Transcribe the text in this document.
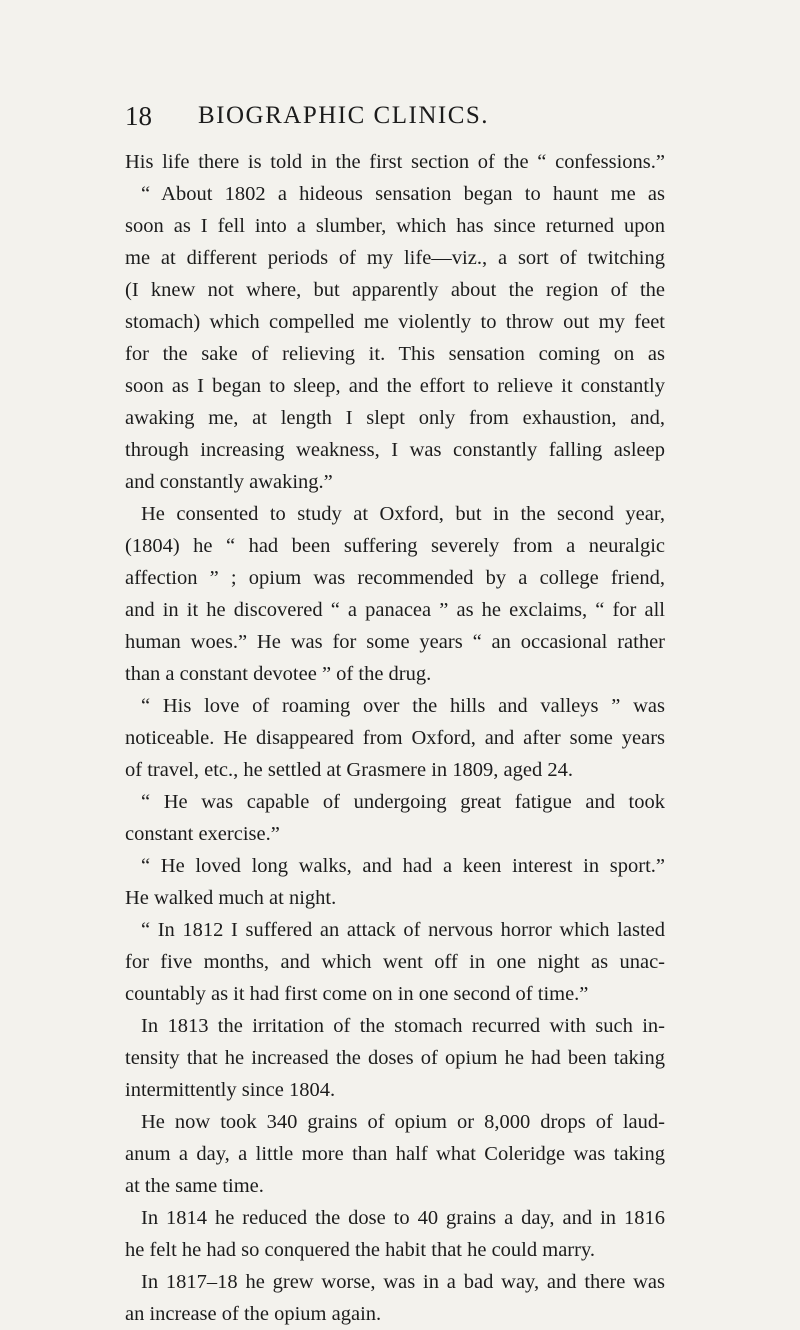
18 BIOGRAPHIC CLINICS.
His life there is told in the first section of the “ confessions.”
“ About 1802 a hideous sensation began to haunt me as
soon as I fell into a slumber, which has since returned upon
me at different periods of my life—viz., a sort of twitching
(I knew not where, but apparently about the region of the
stomach) which compelled me violently to throw out my feet
for the sake of relieving it. This sensation coming on as
soon as I began to sleep, and the effort to relieve it constantly
awaking me, at length I slept only from exhaustion, and,
through increasing weakness, I was constantly falling asleep
and constantly awaking.”
He consented to study at Oxford, but in the second year,
(1804) he “ had been suffering severely from a neuralgic
affection ” ; opium was recommended by a college friend,
and in it he discovered “ a panacea ” as he exclaims, “ for all
human woes.” He was for some years “ an occasional rather
than a constant devotee ” of the drug.
“ His love of roaming over the hills and valleys ” was
noticeable. He disappeared from Oxford, and after some years
of travel, etc., he settled at Grasmere in 1809, aged 24.
“ He was capable of undergoing great fatigue and took
constant exercise.”
“ He loved long walks, and had a keen interest in sport.”
He walked much at night.
“ In 1812 I suffered an attack of nervous horror which lasted
for five months, and which went off in one night as unac-
countably as it had first come on in one second of time.”
In 1813 the irritation of the stomach recurred with such in-
tensity that he increased the doses of opium he had been taking
intermittently since 1804.
He now took 340 grains of opium or 8,000 drops of laud-
anum a day, a little more than half what Coleridge was taking
at the same time.
In 1814 he reduced the dose to 40 grains a day, and in 1816
he felt he had so conquered the habit that he could marry.
In 1817–18 he grew worse, was in a bad way, and there was
an increase of the opium again.
